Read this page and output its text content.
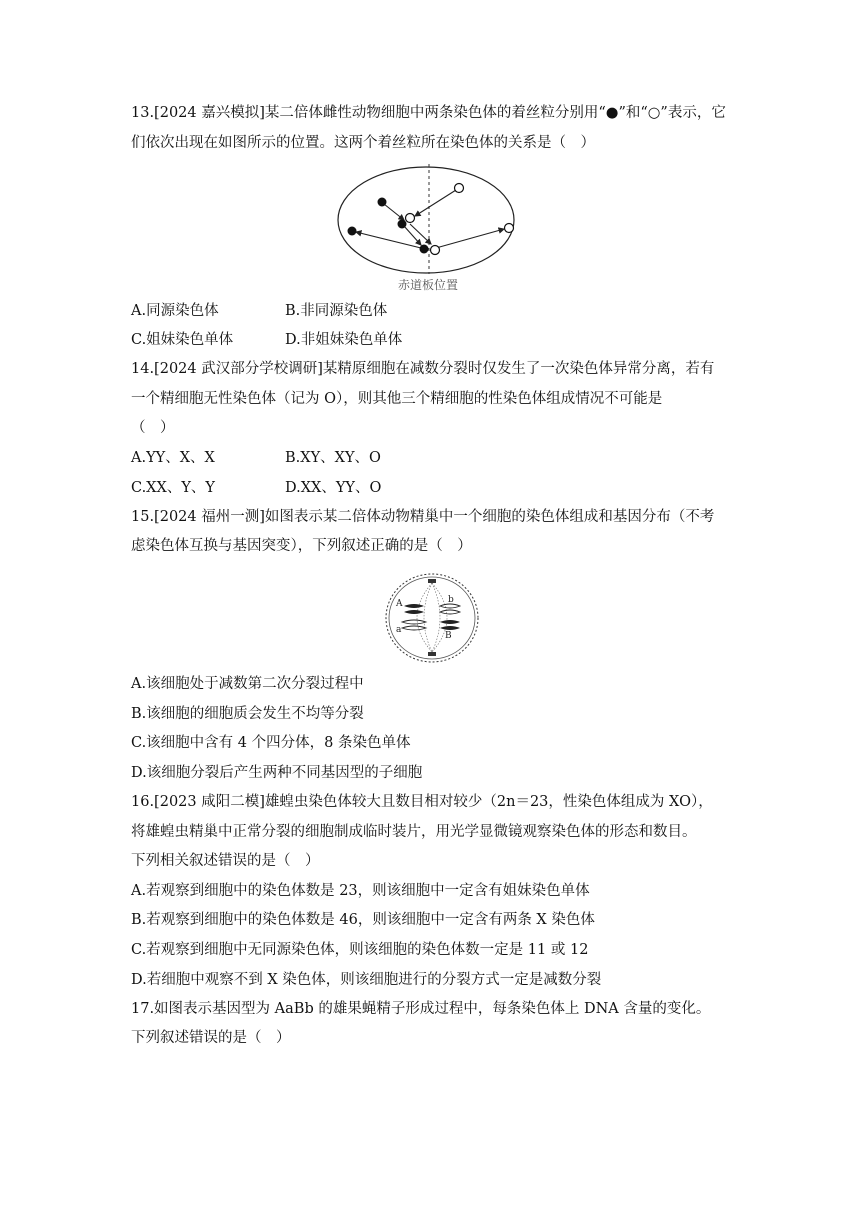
13.[2024 嘉兴模拟]某二倍体雌性动物细胞中两条染色体的着丝粒分别用“●”和“○”表示，它
们依次出现在如图所示的位置。这两个着丝粒所在染色体的关系是（　）
赤道板位置
A.同源染色体	B.非同源染色体
C.姐妹染色单体	D.非姐妹染色单体
14.[2024 武汉部分学校调研]某精原细胞在减数分裂时仅发生了一次染色体异常分离，若有
一个精细胞无性染色体（记为 O），则其他三个精细胞的性染色体组成情况不可能是
（　）
A.YY、X、X	B.XY、XY、O
C.XX、Y、Y	D.XX、YY、O
15.[2024 福州一测]如图表示某二倍体动物精巢中一个细胞的染色体组成和基因分布（不考
虑染色体互换与基因突变），下列叙述正确的是（　）
A
a
b
B
A.该细胞处于减数第二次分裂过程中
B.该细胞的细胞质会发生不均等分裂
C.该细胞中含有 4 个四分体，8 条染色单体
D.该细胞分裂后产生两种不同基因型的子细胞
16.[2023 咸阳二模]雄蝗虫染色体较大且数目相对较少（2n＝23，性染色体组成为 XO），
将雄蝗虫精巢中正常分裂的细胞制成临时装片，用光学显微镜观察染色体的形态和数目。
下列相关叙述错误的是（　）
A.若观察到细胞中的染色体数是 23，则该细胞中一定含有姐妹染色单体
B.若观察到细胞中的染色体数是 46，则该细胞中一定含有两条 X 染色体
C.若观察到细胞中无同源染色体，则该细胞的染色体数一定是 11 或 12
D.若细胞中观察不到 X 染色体，则该细胞进行的分裂方式一定是减数分裂
17.如图表示基因型为 AaBb 的雄果蝇精子形成过程中，每条染色体上 DNA 含量的变化。
下列叙述错误的是（　）
